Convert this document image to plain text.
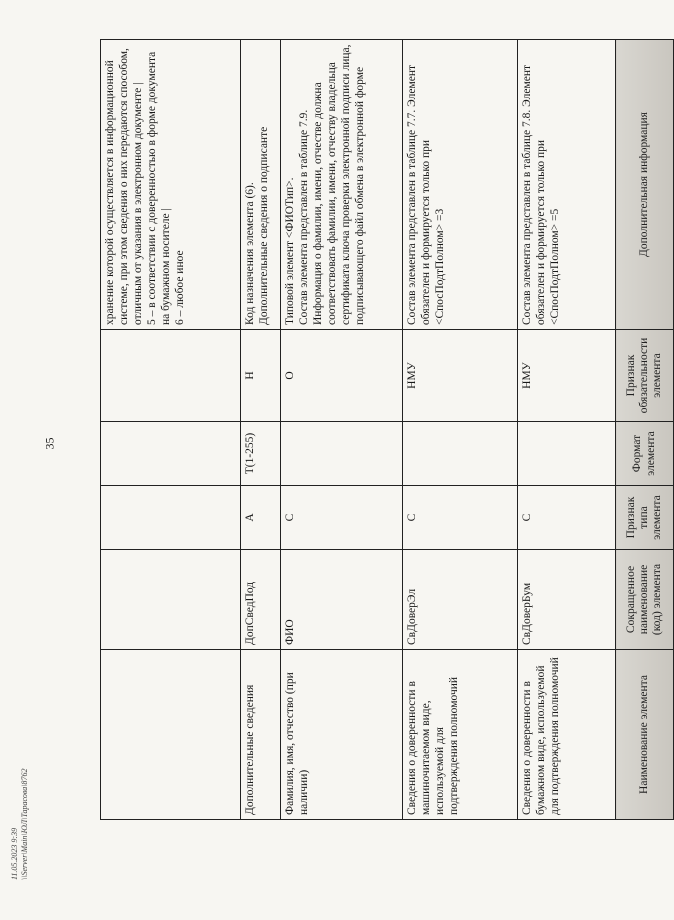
35

					хранение которой осуществляется в информационной системе, при этом сведения о них передаются способом, отличным от указания в электронном документе | 5 – в соответствии с доверенностью в форме документа на бумажном носителе | 6 – любое иное

Дополнительные сведения	ДопСведПод	А	T(1-255)	Н	Код назначения элемента (6). Дополнительные сведения о подписанте

Фамилия, имя, отчество (при наличии)	ФИО	С		О	Типовой элемент <ФИОТип>. Состав элемента представлен в таблице 7.9. Информация о фамилии, имени, отчестве должна соответствовать фамилии, имени, отчеству владельца сертификата ключа проверки электронной подписи лица, подписывающего файл обмена в электронной форме

Сведения о доверенности в машиночитаемом виде, используемой для подтверждения полномочий	СвДоверЭл	С		НМУ	Состав элемента представлен в таблице 7.7. Элемент обязателен и формируется только при <СпосПодтПолном> =3

Сведения о доверенности в бумажном виде, используемой для подтверждения полномочий	СвДоверБум	С		НМУ	Состав элемента представлен в таблице 7.8. Элемент обязателен и формируется только при <СпосПодтПолном> =5

Наименование элемента	Сокращенное наименование (код) элемента	Признак типа элемента	Формат элемента	Признак обязательности элемента	Дополнительная информация
11.05.2023 9:39 \\Server\Main\ЮЛ\Тарасова\8762
